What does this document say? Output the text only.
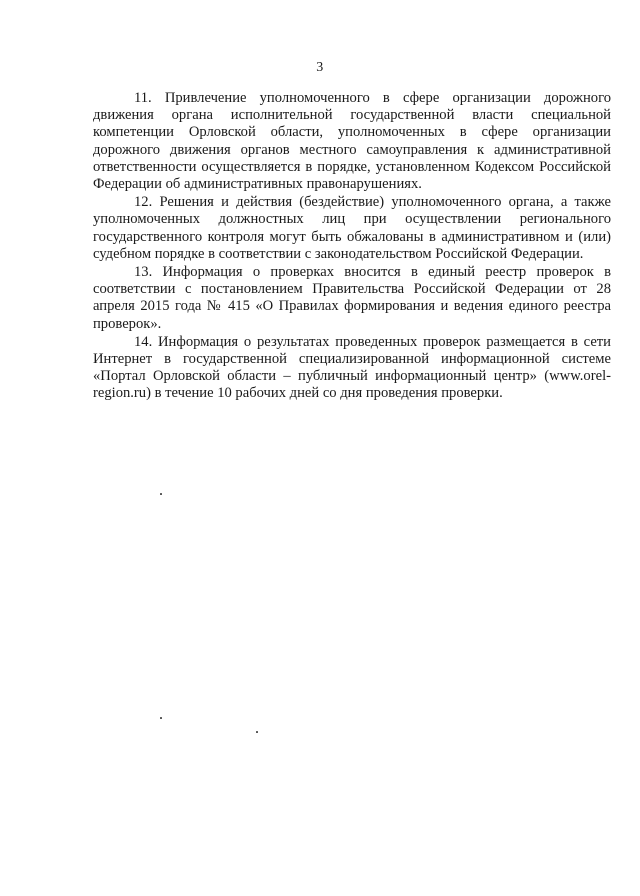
3

11. Привлечение уполномоченного в сфере организации дорожного движения органа исполнительной государственной власти специальной компетенции Орловской области, уполномоченных в сфере организации дорожного движения органов местного самоуправления к административной ответственности осуществляется в порядке, установленном Кодексом Российской Федерации об административных правонарушениях.

12. Решения и действия (бездействие) уполномоченного органа, а также уполномоченных должностных лиц при осуществлении регионального государственного контроля могут быть обжалованы в административном и (или) судебном порядке в соответствии с законодательством Российской Федерации.

13. Информация о проверках вносится в единый реестр проверок в соответствии с постановлением Правительства Российской Федерации от 28 апреля 2015 года № 415 «О Правилах формирования и ведения единого реестра проверок».

14. Информация о результатах проведенных проверок размещается в сети Интернет в государственной специализированной информационной системе «Портал Орловской области – публичный информационный центр» (www.orel-region.ru) в течение 10 рабочих дней со дня проведения проверки.
